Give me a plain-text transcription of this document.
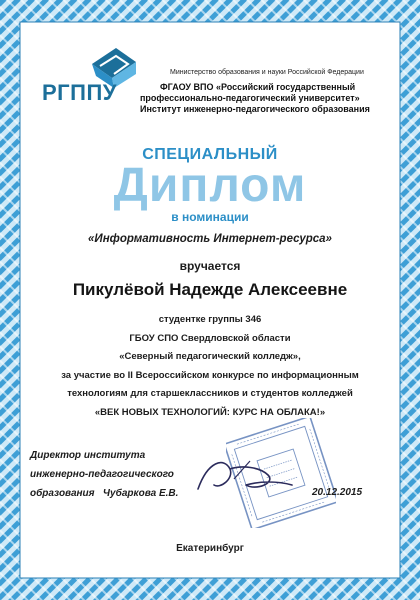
РГППУ
Министерство образования и науки Российской Федерации
ФГАОУ ВПО «Российский государственный
профессионально-педагогический университет»
Институт инженерно-педагогического образования
СПЕЦИАЛЬНЫЙ
Диплом
в номинации
«Информативность Интернет-ресурса»
вручается
Пикулёвой Надежде Алексеевне
студентке группы 346
ГБОУ СПО Свердловской области
«Северный педагогический колледж»,
за участие во II Всероссийском конкурсе по информационным
технологиям для старшеклассников и студентов колледжей
«ВЕК НОВЫХ ТЕХНОЛОГИЙ: КУРС НА ОБЛАКА!»
Директор института
инженерно-педагогического
образования   Чубаркова Е.В.	20.12.2015
Екатеринбург
